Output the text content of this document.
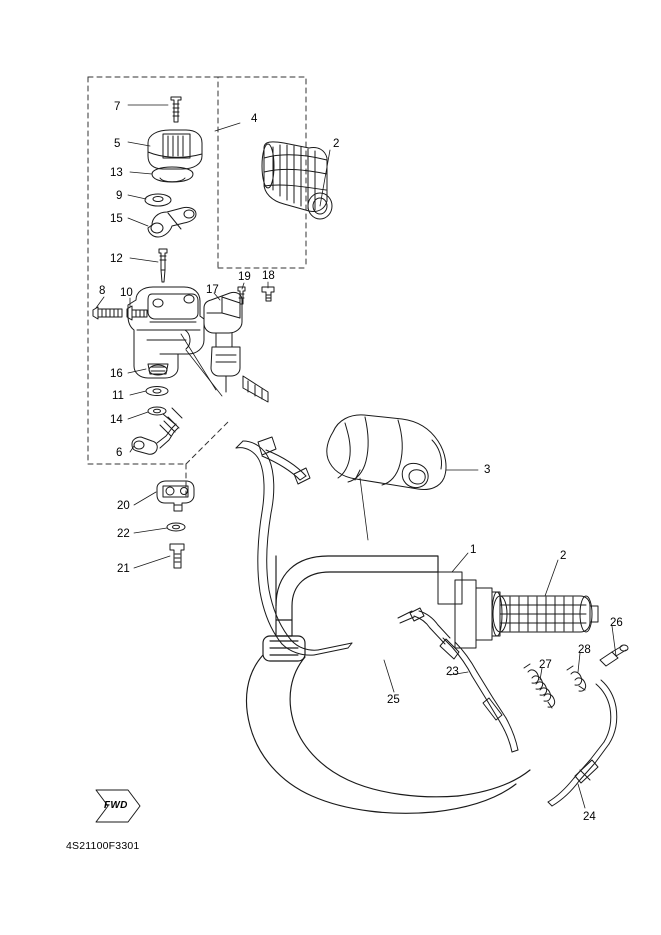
7
4
2
5
13
9
15
12
8 10	17
19 18
16
11
14
6
3
20
22
21
1	2
26
28
27
23
25
24
FWD
4S21100F3301
